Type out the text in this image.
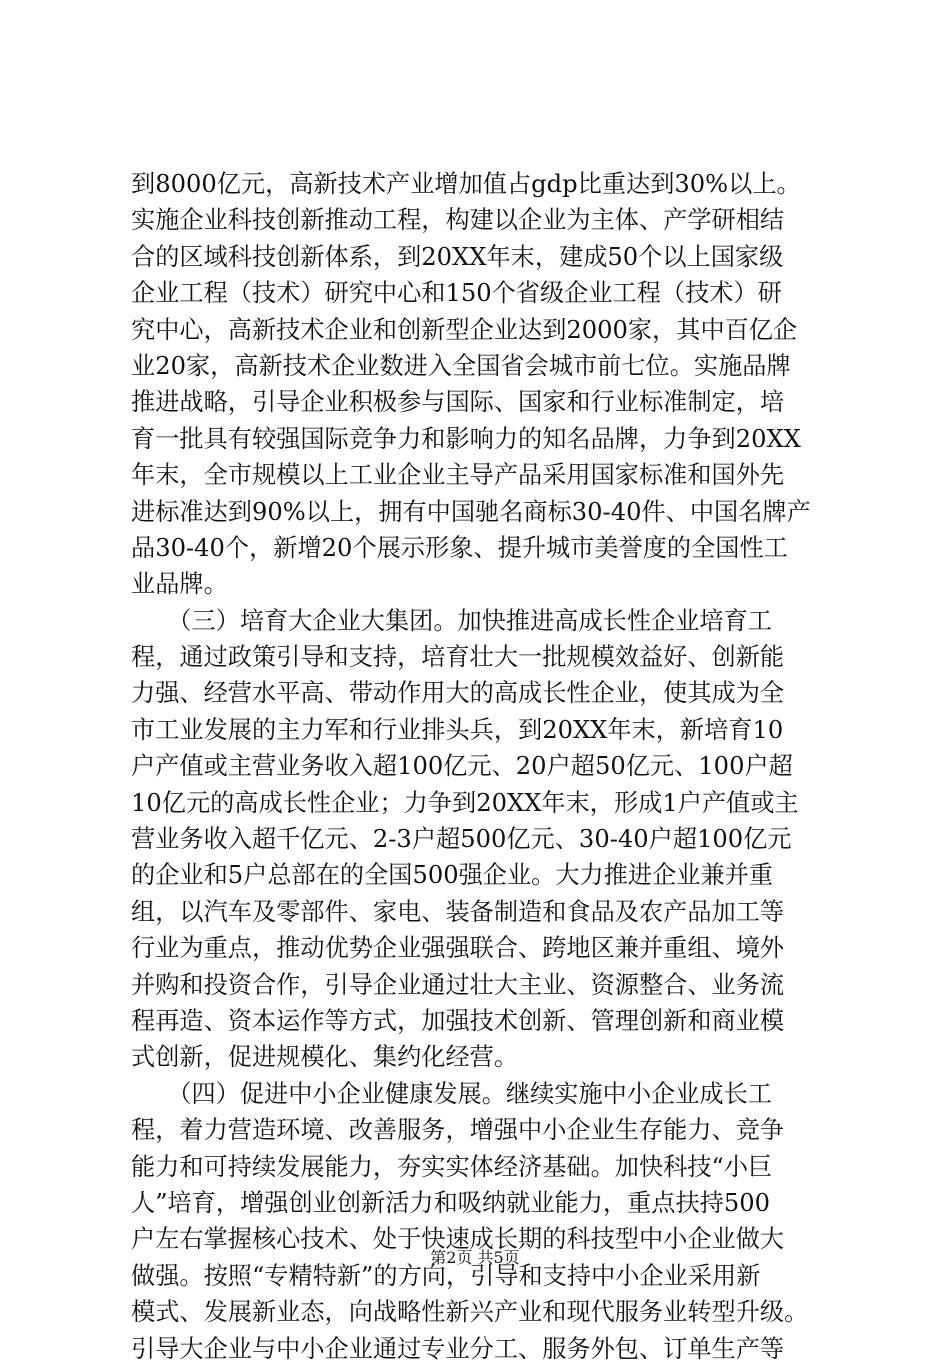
到8000亿元，高新技术产业增加值占gdp比重达到30%以上。
实施企业科技创新推动工程，构建以企业为主体、产学研相结
合的区域科技创新体系，到20XX年末，建成50个以上国家级
企业工程（技术）研究中心和150个省级企业工程（技术）研
究中心，高新技术企业和创新型企业达到2000家，其中百亿企
业20家，高新技术企业数进入全国省会城市前七位。实施品牌
推进战略，引导企业积极参与国际、国家和行业标准制定，培
育一批具有较强国际竞争力和影响力的知名品牌，力争到20XX
年末，全市规模以上工业企业主导产品采用国家标准和国外先
进标准达到90%以上，拥有中国驰名商标30-40件、中国名牌产
品30-40个，新增20个展示形象、提升城市美誉度的全国性工
业品牌。
　　（三）培育大企业大集团。加快推进高成长性企业培育工
程，通过政策引导和支持，培育壮大一批规模效益好、创新能
力强、经营水平高、带动作用大的高成长性企业，使其成为全
市工业发展的主力军和行业排头兵，到20XX年末，新培育10
户产值或主营业务收入超100亿元、20户超50亿元、100户超
10亿元的高成长性企业；力争到20XX年末，形成1户产值或主
营业务收入超千亿元、2-3户超500亿元、30-40户超100亿元
的企业和5户总部在的全国500强企业。大力推进企业兼并重
组，以汽车及零部件、家电、装备制造和食品及农产品加工等
行业为重点，推动优势企业强强联合、跨地区兼并重组、境外
并购和投资合作，引导企业通过壮大主业、资源整合、业务流
程再造、资本运作等方式，加强技术创新、管理创新和商业模
式创新，促进规模化、集约化经营。
　　（四）促进中小企业健康发展。继续实施中小企业成长工
程，着力营造环境、改善服务，增强中小企业生存能力、竞争
能力和可持续发展能力，夯实实体经济基础。加快科技“小巨
人”培育，增强创业创新活力和吸纳就业能力，重点扶持500
户左右掌握核心技术、处于快速成长期的科技型中小企业做大
做强。按照“专精特新”的方向，引导和支持中小企业采用新
模式、发展新业态，向战略性新兴产业和现代服务业转型升级。
引导大企业与中小企业通过专业分工、服务外包、订单生产等
第2页 共5页
